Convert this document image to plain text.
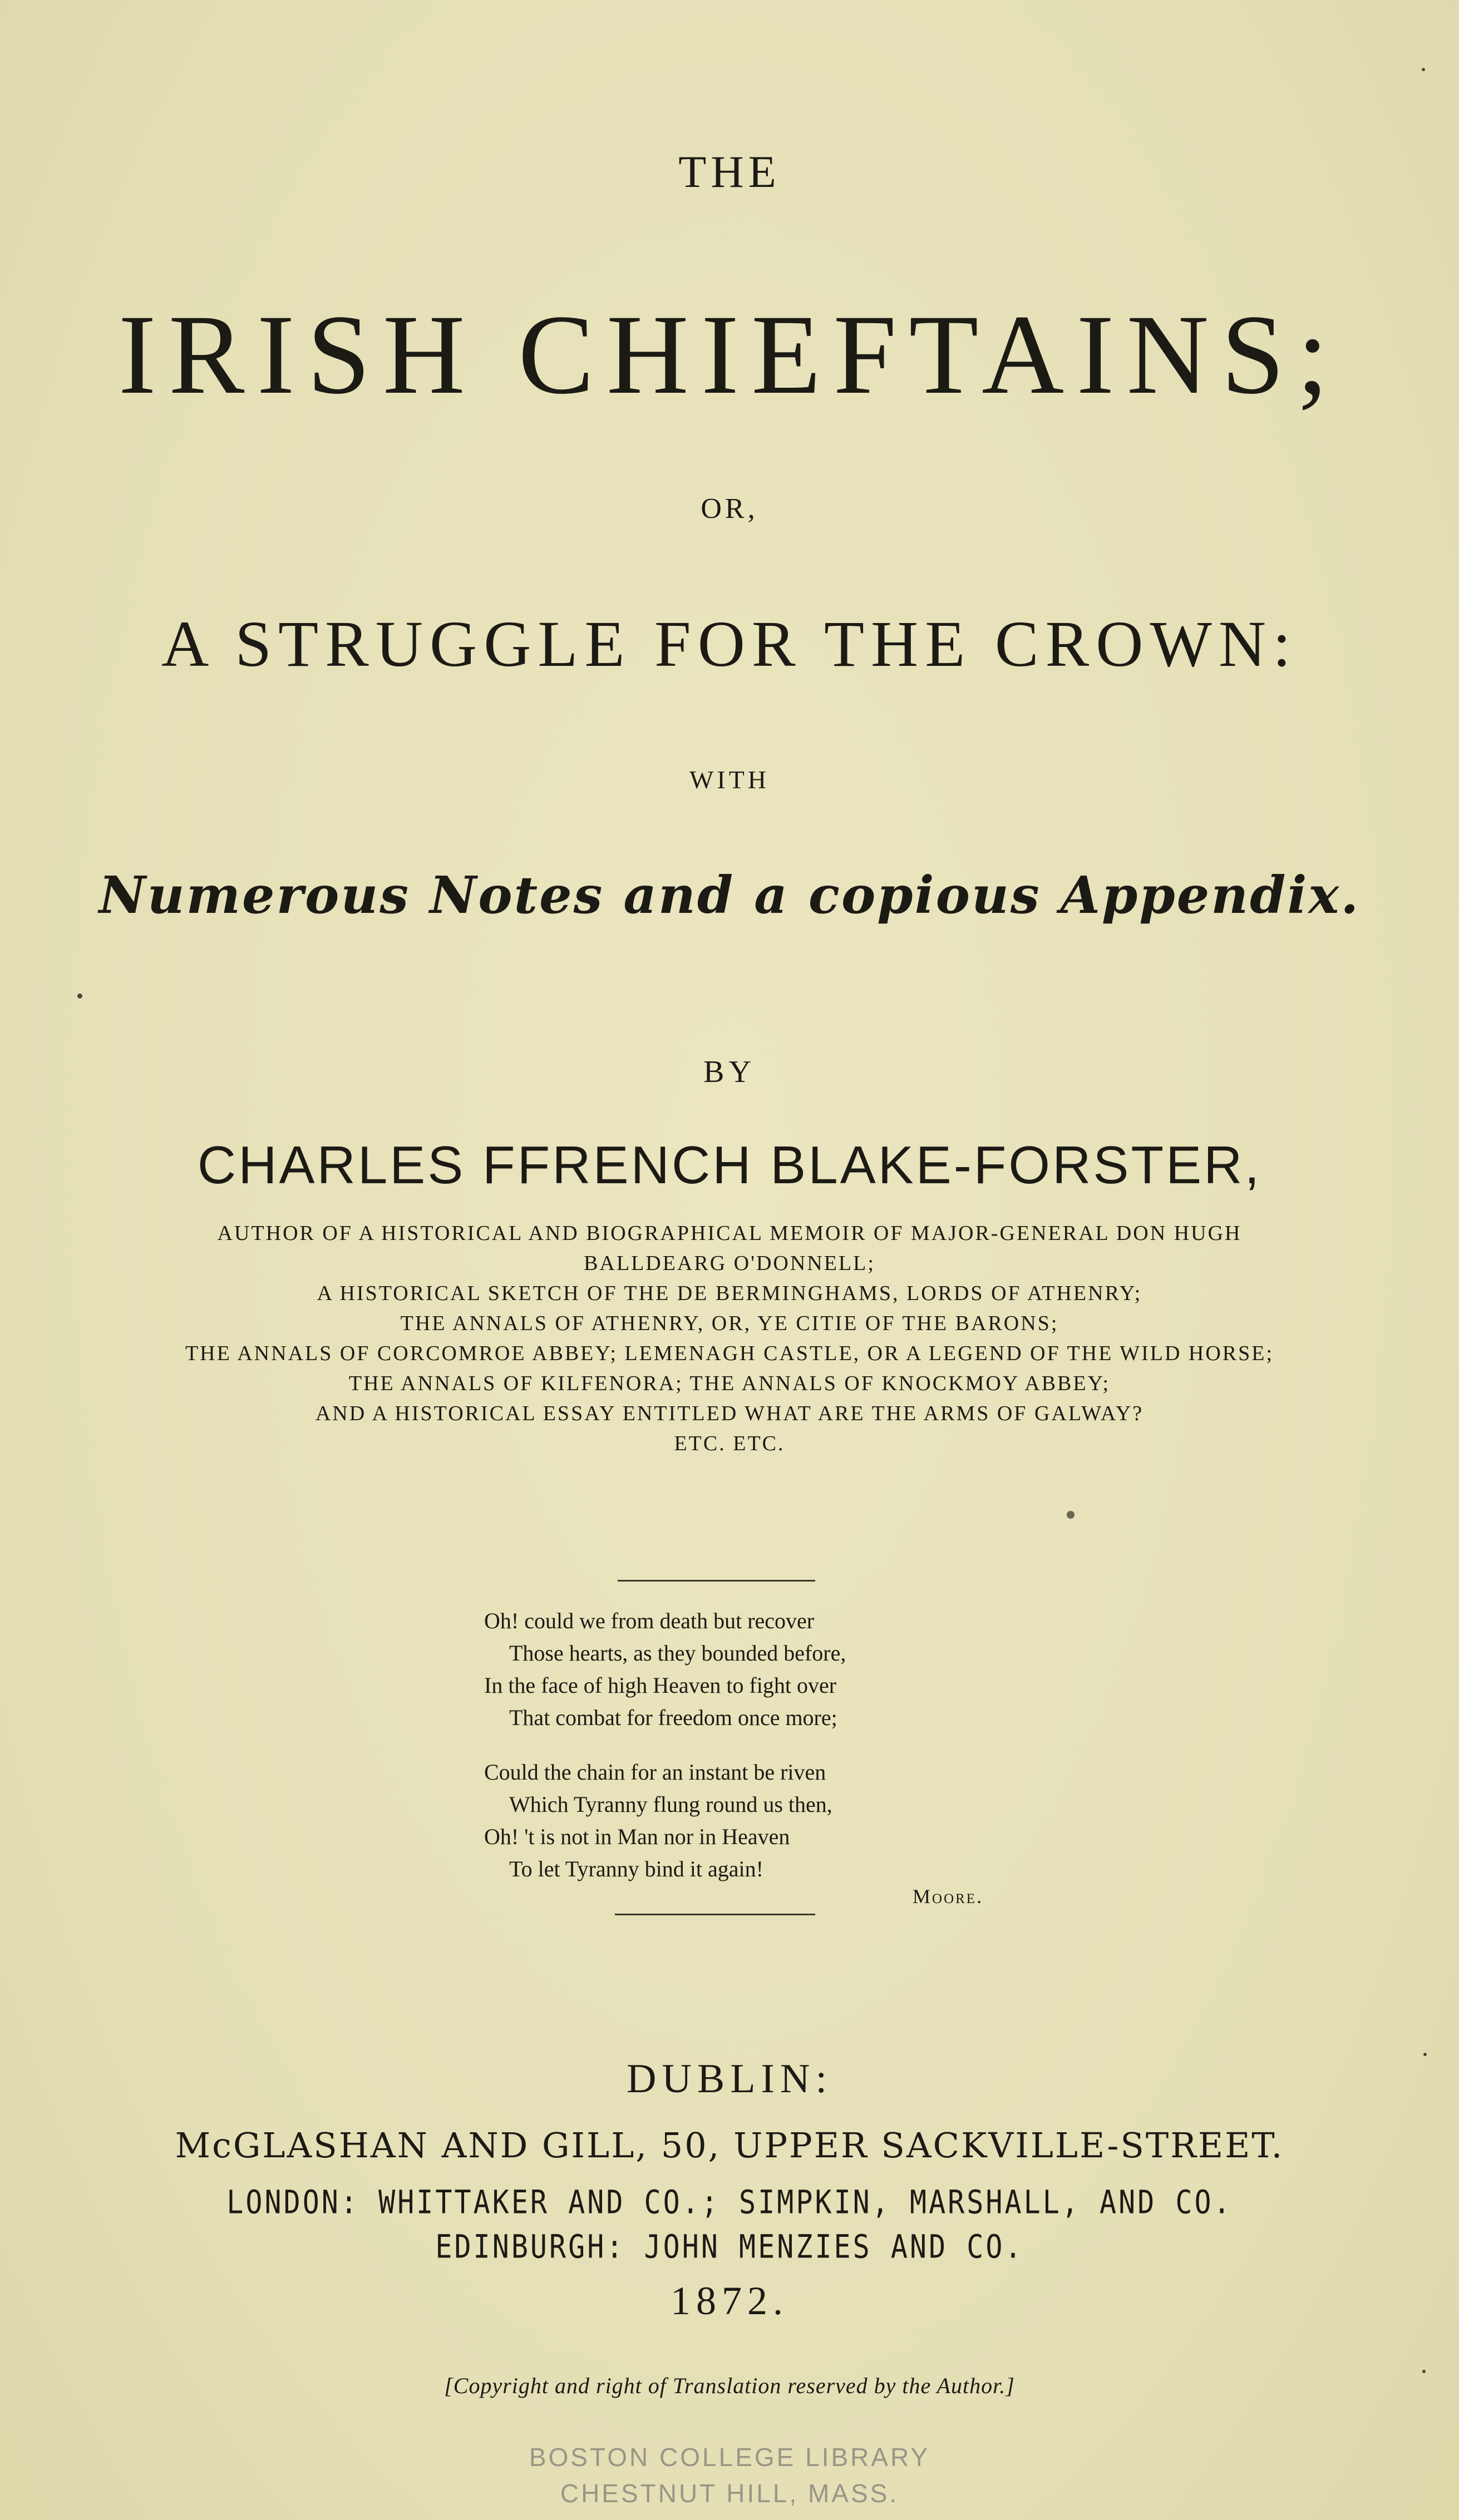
THE
IRISH CHIEFTAINS;
OR,
A STRUGGLE FOR THE CROWN:
WITH
Numerous Notes and a copious Appendix.
BY
CHARLES FFRENCH BLAKE-FORSTER,
AUTHOR OF A HISTORICAL AND BIOGRAPHICAL MEMOIR OF MAJOR-GENERAL DON HUGH
BALLDEARG O'DONNELL;
A HISTORICAL SKETCH OF THE DE BERMINGHAMS, LORDS OF ATHENRY;
THE ANNALS OF ATHENRY, OR, YE CITIE OF THE BARONS;
THE ANNALS OF CORCOMROE ABBEY; LEMENAGH CASTLE, OR A LEGEND OF THE WILD HORSE;
THE ANNALS OF KILFENORA; THE ANNALS OF KNOCKMOY ABBEY;
AND A HISTORICAL ESSAY ENTITLED WHAT ARE THE ARMS OF GALWAY?
ETC. ETC.
Oh! could we from death but recover
Those hearts, as they bounded before,
In the face of high Heaven to fight over
That combat for freedom once more;
Could the chain for an instant be riven
Which Tyranny flung round us then,
Oh! 't is not in Man nor in Heaven
To let Tyranny bind it again!
Moore.
DUBLIN:
McGLASHAN AND GILL, 50, UPPER SACKVILLE-STREET.
LONDON: WHITTAKER AND CO.; SIMPKIN, MARSHALL, AND CO.
EDINBURGH: JOHN MENZIES AND CO.
1872.
[Copyright and right of Translation reserved by the Author.]
BOSTON COLLEGE LIBRARY
CHESTNUT HILL, MASS.
